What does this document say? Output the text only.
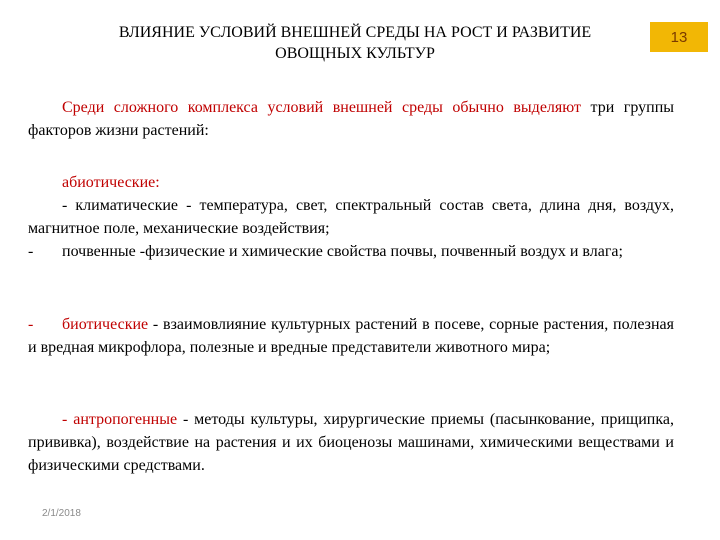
ВЛИЯНИЕ УСЛОВИЙ ВНЕШНЕЙ СРЕДЫ НА РОСТ И РАЗВИТИЕ
ОВОЩНЫХ КУЛЬТУР
13
Среди сложного комплекса условий внешней среды обычно выделяют три группы факторов жизни растений:
абиотические:
- климатические - температура, свет, спектральный состав света, длина дня, воздух, магнитное поле, механические воздействия;
- почвенные -физические и химические свойства почвы, почвенный воздух и влага;
- биотические - взаимовлияние культурных растений в посеве, сорные растения, полезная и вредная микрофлора, полезные и вредные представители животного мира;
- антропогенные - методы культуры, хирургические приемы (пасынкование, прищипка, прививка), воздействие на растения и их биоценозы машинами, химическими веществами и физическими средствами.
2/1/2018
